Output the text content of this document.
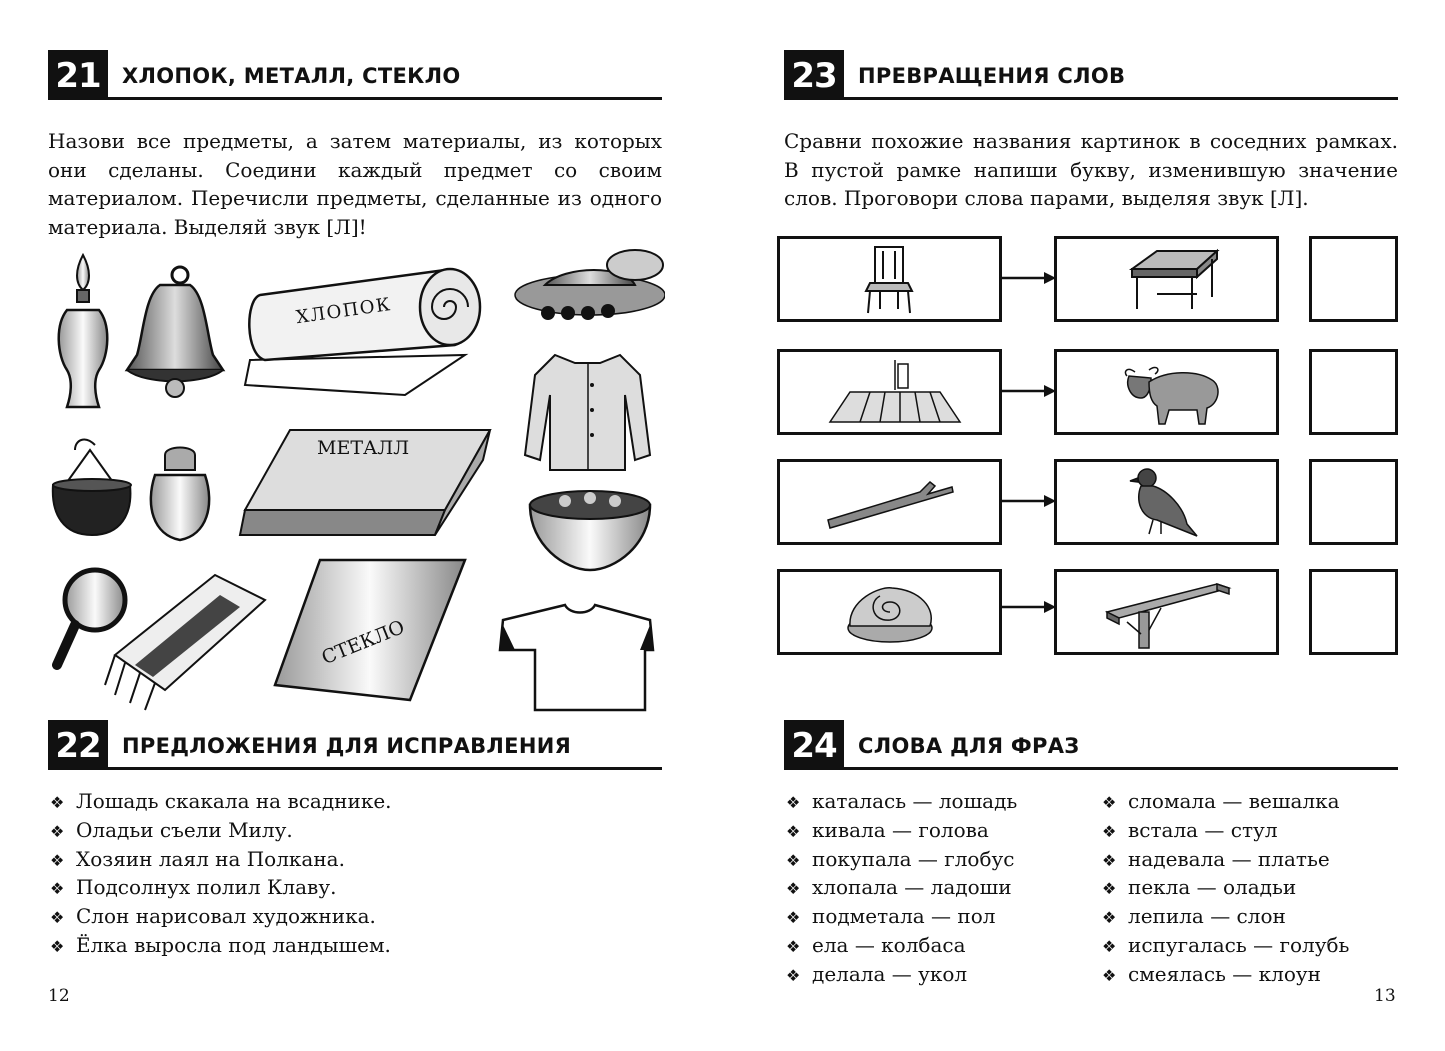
21	ХЛОПОК, МЕТАЛЛ, СТЕКЛО
Назови все предметы, а затем материалы, из которых они сделаны. Соедини каждый предмет со своим материалом. Перечисли предметы, сделанные из одного материала. Выделяй звук [Л]!
ХЛОПОК
МЕТАЛЛ
СТЕКЛО
22	ПРЕДЛОЖЕНИЯ ДЛЯ ИСПРАВЛЕНИЯ
❖ Лошадь скакала на всаднике.
❖ Оладьи съели Милу.
❖ Хозяин лаял на Полкана.
❖ Подсолнух полил Клаву.
❖ Слон нарисовал художника.
❖ Ёлка выросла под ландышем.
12
23	ПРЕВРАЩЕНИЯ СЛОВ
Сравни похожие названия картинок в соседних рамках. В пустой рамке напиши букву, изменившую значение слов. Проговори слова парами, выделяя звук [Л].
24	СЛОВА ДЛЯ ФРАЗ
❖ каталась — лошадь
❖ кивала — голова
❖ покупала — глобус
❖ хлопала — ладоши
❖ подметала — пол
❖ ела — колбаса
❖ делала — укол
❖ сломала — вешалка
❖ встала — стул
❖ надевала — платье
❖ пекла — оладьи
❖ лепила — слон
❖ испугалась — голубь
❖ смеялась — клоун
13
